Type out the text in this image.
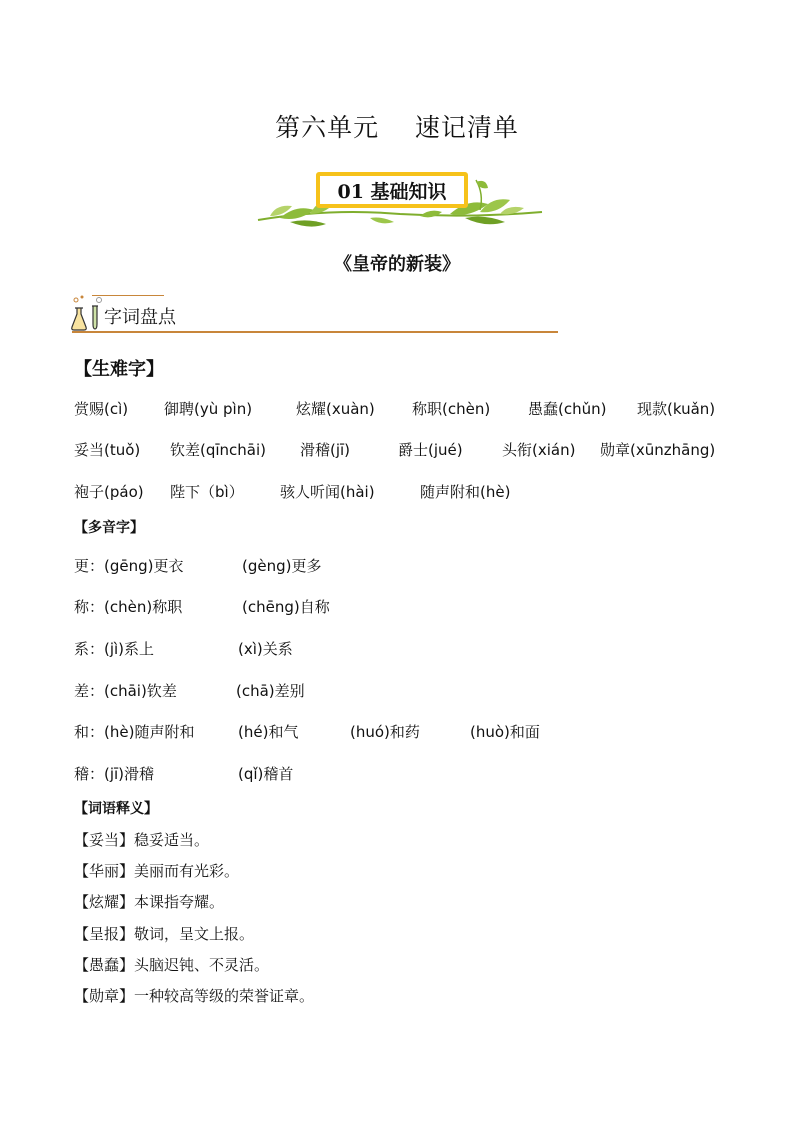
第六单元    速记清单
01 基础知识
《皇帝的新装》
字词盘点
【生难字】
赏赐(cì) 御聘(yù pìn)	炫耀(xuàn) 称职(chèn)	愚蠢(chǔn) 现款(kuǎn)
妥当(tuǒ) 钦差(qīnchāi) 滑稽(jī)	爵士(jué)	头衔(xián) 勋章(xūnzhāng)
袍子(páo) 陛下（bì） 骇人听闻(hài)	随声附和(hè)
【多音字】
更：(gēng)更衣	(gèng)更多
称：(chèn)称职	(chēng)自称
系：(jì)系上	(xì)关系
差：(chāi)钦差	(chā)差别
和：(hè)随声附和	(hé)和气	(huó)和药	(huò)和面
稽：(jī)滑稽	(qǐ)稽首
【词语释义】
【妥当】稳妥适当。
【华丽】美丽而有光彩。
【炫耀】本课指夸耀。
【呈报】敬词，呈文上报。
【愚蠢】头脑迟钝、不灵活。
【勋章】一种较高等级的荣誉证章。
